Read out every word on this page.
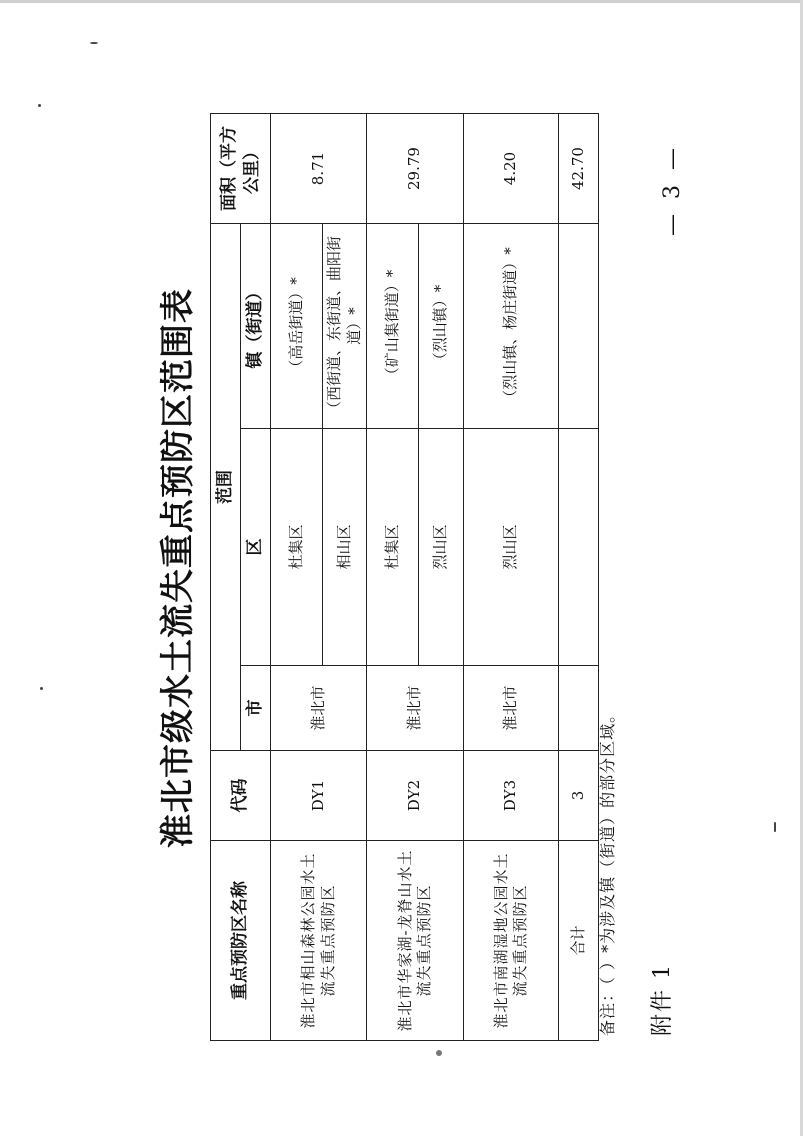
附件 1
淮北市级水土流失重点预防区范围表
重点预防区名称	代码	范围			面积（平方公里）
		市	区	镇（街道）	
淮北市相山森林公园水土流失重点预防区	DY1	淮北市	杜集区	（高岳街道）*	8.71
			相山区	（西街道、东街道、曲阳街道）*	
淮北市华家湖-龙脊山水土流失重点预防区	DY2	淮北市	杜集区	（矿山集街道）*	29.79
			烈山区	（烈山镇）*	
淮北市南湖湿地公园水土流失重点预防区	DY3	淮北市	烈山区	（烈山镇、杨庄街道）*	4.20
合计	3				42.70
备注：（ ）*为涉及镇（街道）的部分区域。
— 3 —
